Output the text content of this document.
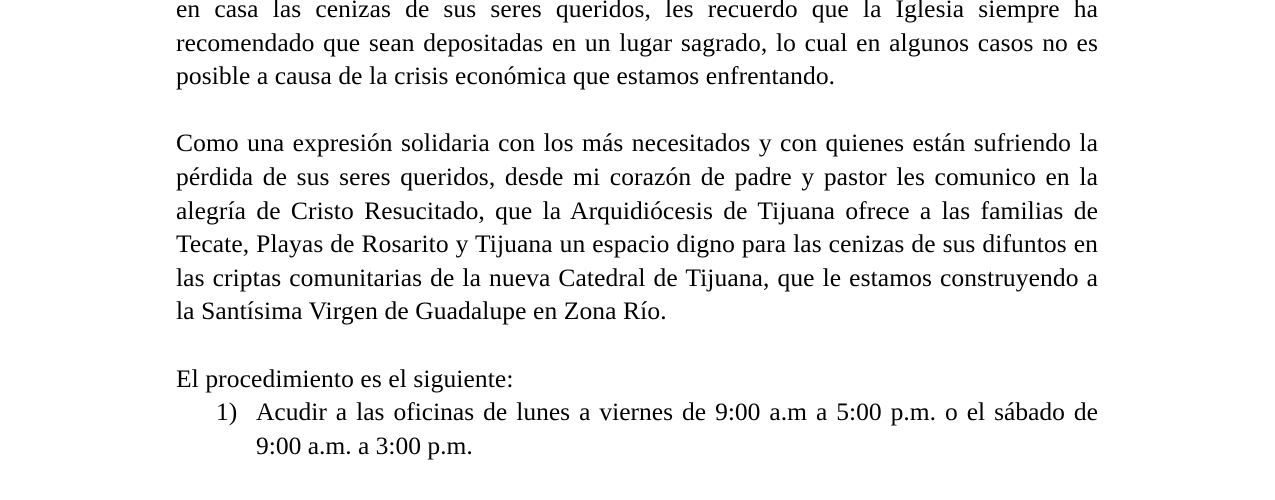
en casa las cenizas de sus seres queridos, les recuerdo que la Iglesia siempre ha recomendado que sean depositadas en un lugar sagrado, lo cual en algunos casos no es posible a causa de la crisis económica que estamos enfrentando.

Como una expresión solidaria con los más necesitados y con quienes están sufriendo la pérdida de sus seres queridos, desde mi corazón de padre y pastor les comunico en la alegría de Cristo Resucitado, que la Arquidiócesis de Tijuana ofrece a las familias de Tecate, Playas de Rosarito y Tijuana un espacio digno para las cenizas de sus difuntos en las criptas comunitarias de la nueva Catedral de Tijuana, que le estamos construyendo a la Santísima Virgen de Guadalupe en Zona Río.

El procedimiento es el siguiente:

1) Acudir a las oficinas de lunes a viernes de 9:00 a.m a 5:00 p.m. o el sábado de 9:00 a.m. a 3:00 p.m.
